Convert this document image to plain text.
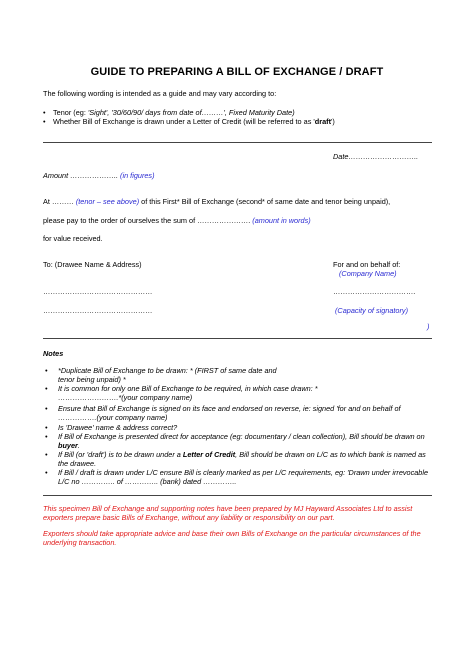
GUIDE TO PREPARING A BILL OF EXCHANGE / DRAFT
The following wording is intended as a guide and may vary according to:
• Tenor (eg: 'Sight', '30/60/90/ days from date of………', Fixed Maturity Date)
• Whether Bill of Exchange is drawn under a Letter of Credit (will be referred to as 'draft')
Date………………………..
Amount ……………….. (in figures)
At ……… (tenor – see above) of this First* Bill of Exchange (second* of same date and tenor being unpaid),
please pay to the order of ourselves the sum of …………………. (amount in words)
for value received.
To: (Drawee Name & Address)	For and on behalf of:
(Company Name)
………………………………………	…………………………….
………………………………………	(Capacity of signatory)
)
Notes
•	*Duplicate Bill of Exchange to be drawn: * (FIRST of same date and
tenor being unpaid) *
•	It is common for only one Bill of Exchange to be required, in which case drawn: *
…………………….*(your company name)
•	Ensure that Bill of Exchange is signed on its face and endorsed on reverse, ie: signed 'for and on behalf of …………….(your company name)
•	Is 'Drawee' name & address correct?
•	If Bill of Exchange is presented direct for acceptance (eg: documentary / clean collection), Bill should be drawn on buyer.
•	If Bill (or 'draft') is to be drawn under a Letter of Credit, Bill should be drawn on L/C as to which bank is named as the drawee.
•	If Bill / draft is drawn under L/C ensure Bill is clearly marked as per L/C requirements, eg: 'Drawn under irrevocable L/C no ………….. of ………….. (bank) dated …………..
This specimen Bill of Exchange and supporting notes have been prepared by MJ Hayward Associates Ltd to assist exporters prepare basic Bills of Exchange, without any liability or responsibility on our part.
Exporters should take appropriate advice and base their own Bills of Exchange on the particular circumstances of the underlying transaction.
